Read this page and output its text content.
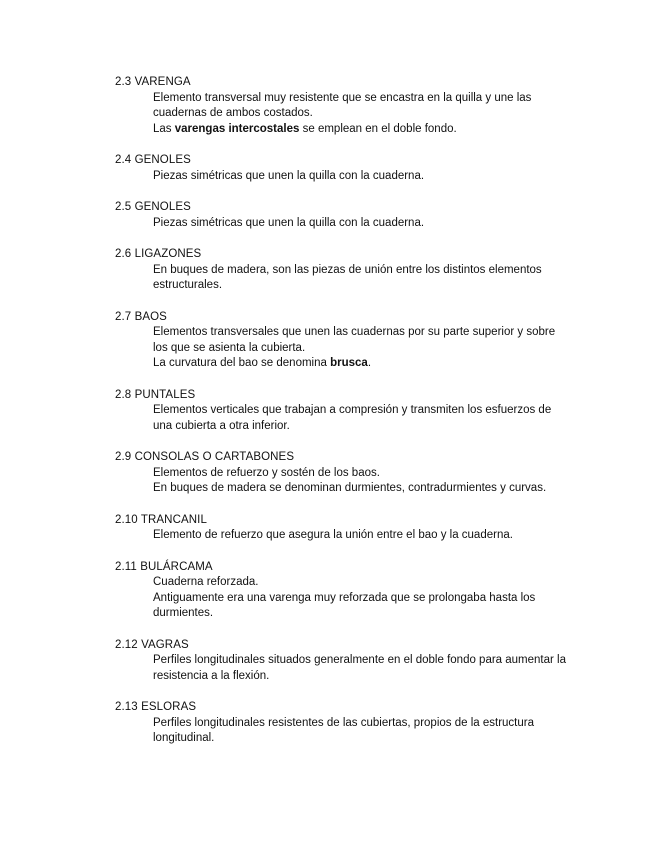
2.3 VARENGA
Elemento transversal muy resistente que se encastra en la quilla y une las
cuadernas de ambos costados.
Las varengas intercostales se emplean en el doble fondo.
2.4 GENOLES
Piezas simétricas que unen la quilla con la cuaderna.
2.5 GENOLES
Piezas simétricas que unen la quilla con la cuaderna.
2.6 LIGAZONES
En buques de madera, son las piezas de unión entre los distintos elementos
estructurales.
2.7 BAOS
Elementos transversales que unen las cuadernas por su parte superior y sobre
los que se asienta la cubierta.
La curvatura del bao se denomina brusca.
2.8 PUNTALES
Elementos verticales que trabajan a compresión y transmiten los esfuerzos de
una cubierta a otra inferior.
2.9 CONSOLAS O CARTABONES
Elementos de refuerzo y sostén de los baos.
En buques de madera se denominan durmientes, contradurmientes y curvas.
2.10 TRANCANIL
Elemento de refuerzo que asegura la unión entre el bao y la cuaderna.
2.11 BULÁRCAMA
Cuaderna reforzada.
Antiguamente era una varenga muy reforzada que se prolongaba hasta los
durmientes.
2.12 VAGRAS
Perfiles longitudinales situados generalmente en el doble fondo para aumentar la
resistencia a la flexión.
2.13 ESLORAS
Perfiles longitudinales resistentes de las cubiertas, propios de la estructura
longitudinal.
